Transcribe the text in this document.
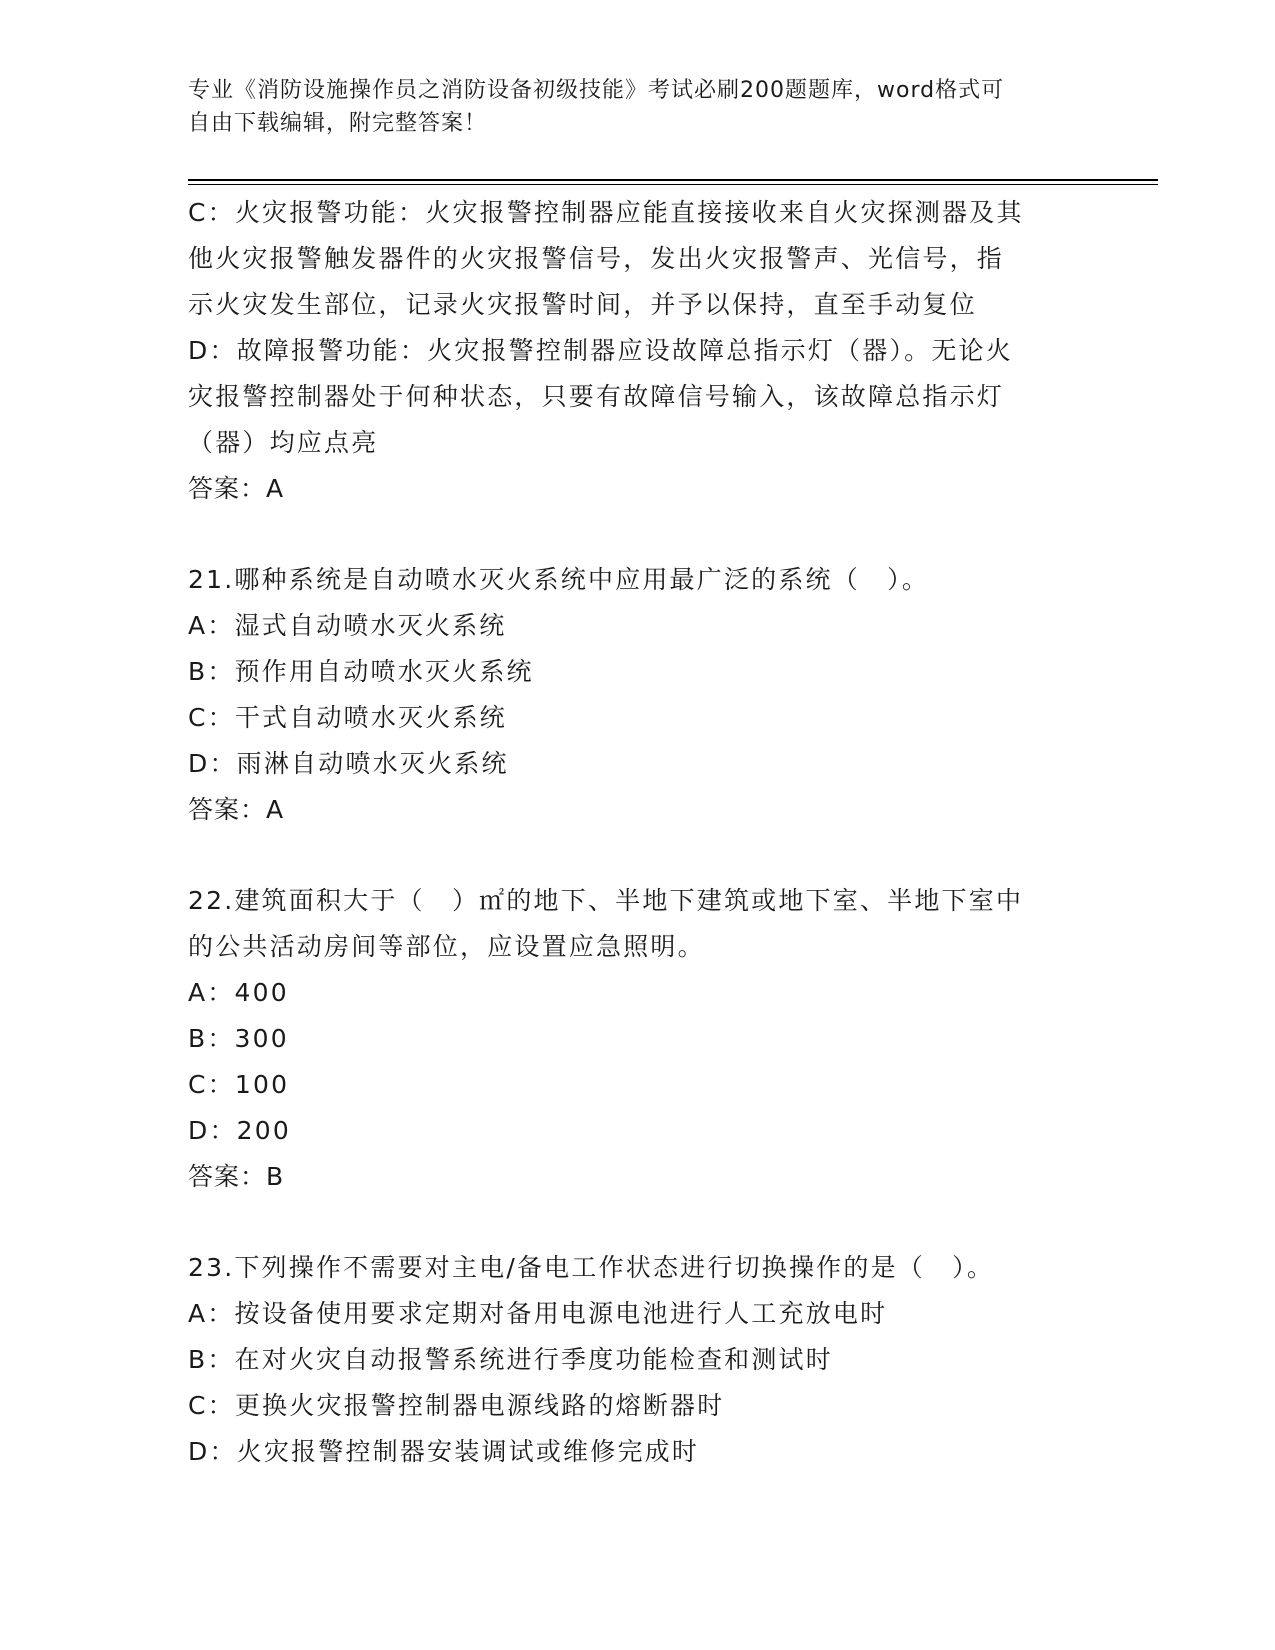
专业《消防设施操作员之消防设备初级技能》考试必刷200题题库，word格式可
自由下载编辑，附完整答案！
C：火灾报警功能：火灾报警控制器应能直接接收来自火灾探测器及其
他火灾报警触发器件的火灾报警信号，发出火灾报警声、光信号，指
示火灾发生部位，记录火灾报警时间，并予以保持，直至手动复位
D：故障报警功能：火灾报警控制器应设故障总指示灯（器）。无论火
灾报警控制器处于何种状态，只要有故障信号输入，该故障总指示灯
（器）均应点亮
答案：A
21.哪种系统是自动喷水灭火系统中应用最广泛的系统（　）。
A：湿式自动喷水灭火系统
B：预作用自动喷水灭火系统
C：干式自动喷水灭火系统
D：雨淋自动喷水灭火系统
答案：A
22.建筑面积大于（　）㎡的地下、半地下建筑或地下室、半地下室中
的公共活动房间等部位，应设置应急照明。
A：400
B：300
C：100
D：200
答案：B
23.下列操作不需要对主电/备电工作状态进行切换操作的是（　）。
A：按设备使用要求定期对备用电源电池进行人工充放电时
B：在对火灾自动报警系统进行季度功能检查和测试时
C：更换火灾报警控制器电源线路的熔断器时
D：火灾报警控制器安装调试或维修完成时
